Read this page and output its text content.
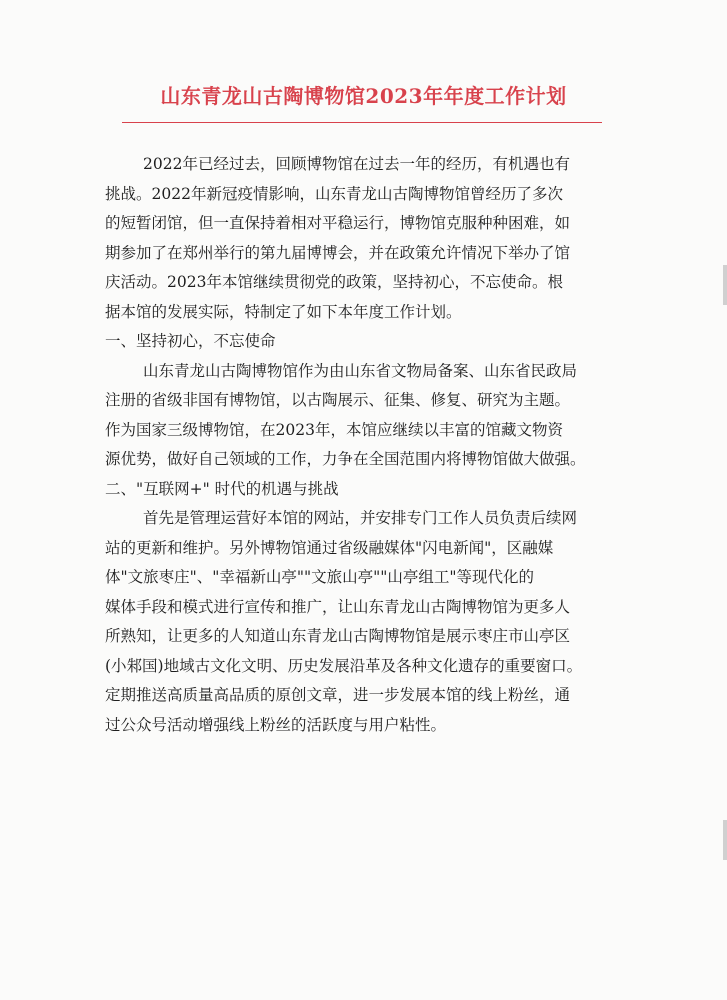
山东青龙山古陶博物馆2023年年度工作计划
2022年已经过去，回顾博物馆在过去一年的经历，有机遇也有
挑战。2022年新冠疫情影响，山东青龙山古陶博物馆曾经历了多次
的短暂闭馆，但一直保持着相对平稳运行，博物馆克服种种困难，如
期参加了在郑州举行的第九届博博会，并在政策允许情况下举办了馆
庆活动。2023年本馆继续贯彻党的政策，坚持初心，不忘使命。根
据本馆的发展实际，特制定了如下本年度工作计划。
一、坚持初心，不忘使命
山东青龙山古陶博物馆作为由山东省文物局备案、山东省民政局
注册的省级非国有博物馆，以古陶展示、征集、修复、研究为主题。
作为国家三级博物馆，在2023年，本馆应继续以丰富的馆藏文物资
源优势，做好自己领域的工作，力争在全国范围内将博物馆做大做强。
二、"互联网+" 时代的机遇与挑战
首先是管理运营好本馆的网站，并安排专门工作人员负责后续网
站的更新和维护。另外博物馆通过省级融媒体"闪电新闻"，区融媒
体"文旅枣庄"、"幸福新山亭""文旅山亭""山亭组工"等现代化的
媒体手段和模式进行宣传和推广，让山东青龙山古陶博物馆为更多人
所熟知，让更多的人知道山东青龙山古陶博物馆是展示枣庄市山亭区
(小邾国)地域古文化文明、历史发展沿革及各种文化遗存的重要窗口。
定期推送高质量高品质的原创文章，进一步发展本馆的线上粉丝，通
过公众号活动增强线上粉丝的活跃度与用户粘性。
